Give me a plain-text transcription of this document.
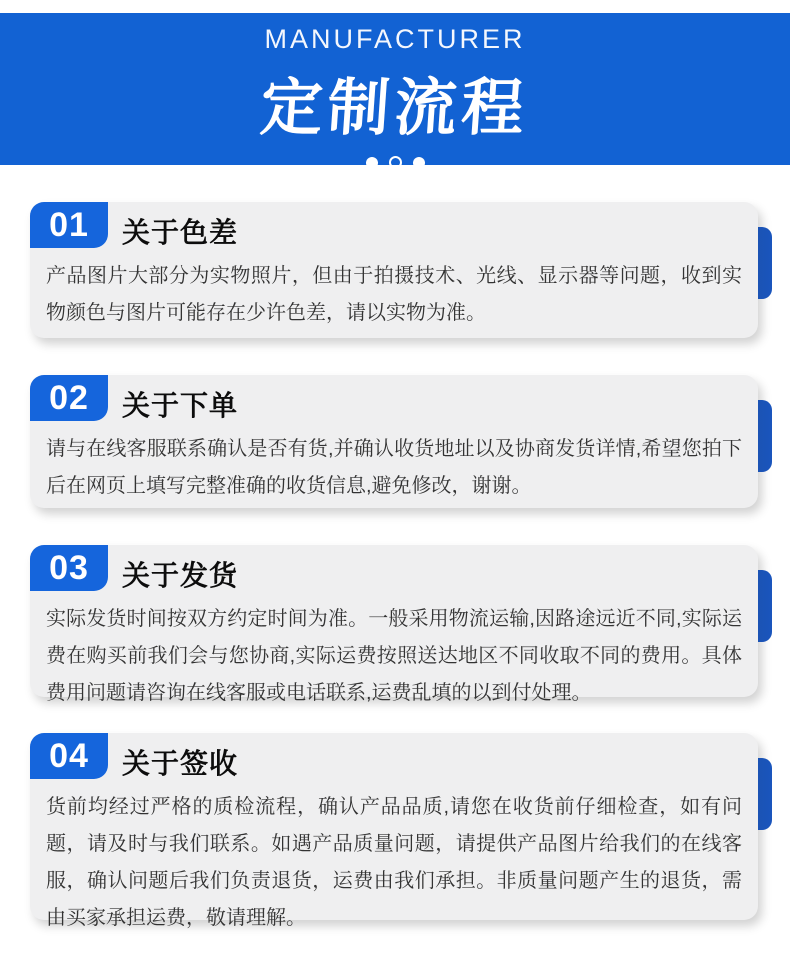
MANUFACTURER
定制流程
01	关于色差
产品图片大部分为实物照片，但由于拍摄技术、光线、显示器等问题，收到实物颜色与图片可能存在少许色差，请以实物为准。
02	关于下单
请与在线客服联系确认是否有货,并确认收货地址以及协商发货详情,希望您拍下后在网页上填写完整准确的收货信息,避免修改，谢谢。
03	关于发货
实际发货时间按双方约定时间为准。一般采用物流运输,因路途远近不同,实际运费在购买前我们会与您协商,实际运费按照送达地区不同收取不同的费用。具体费用问题请咨询在线客服或电话联系,运费乱填的以到付处理。
04	关于签收
货前均经过严格的质检流程，确认产品品质,请您在收货前仔细检查，如有问题，请及时与我们联系。如遇产品质量问题，请提供产品图片给我们的在线客服，确认问题后我们负责退货，运费由我们承担。非质量问题产生的退货，需由买家承担运费，敬请理解。
